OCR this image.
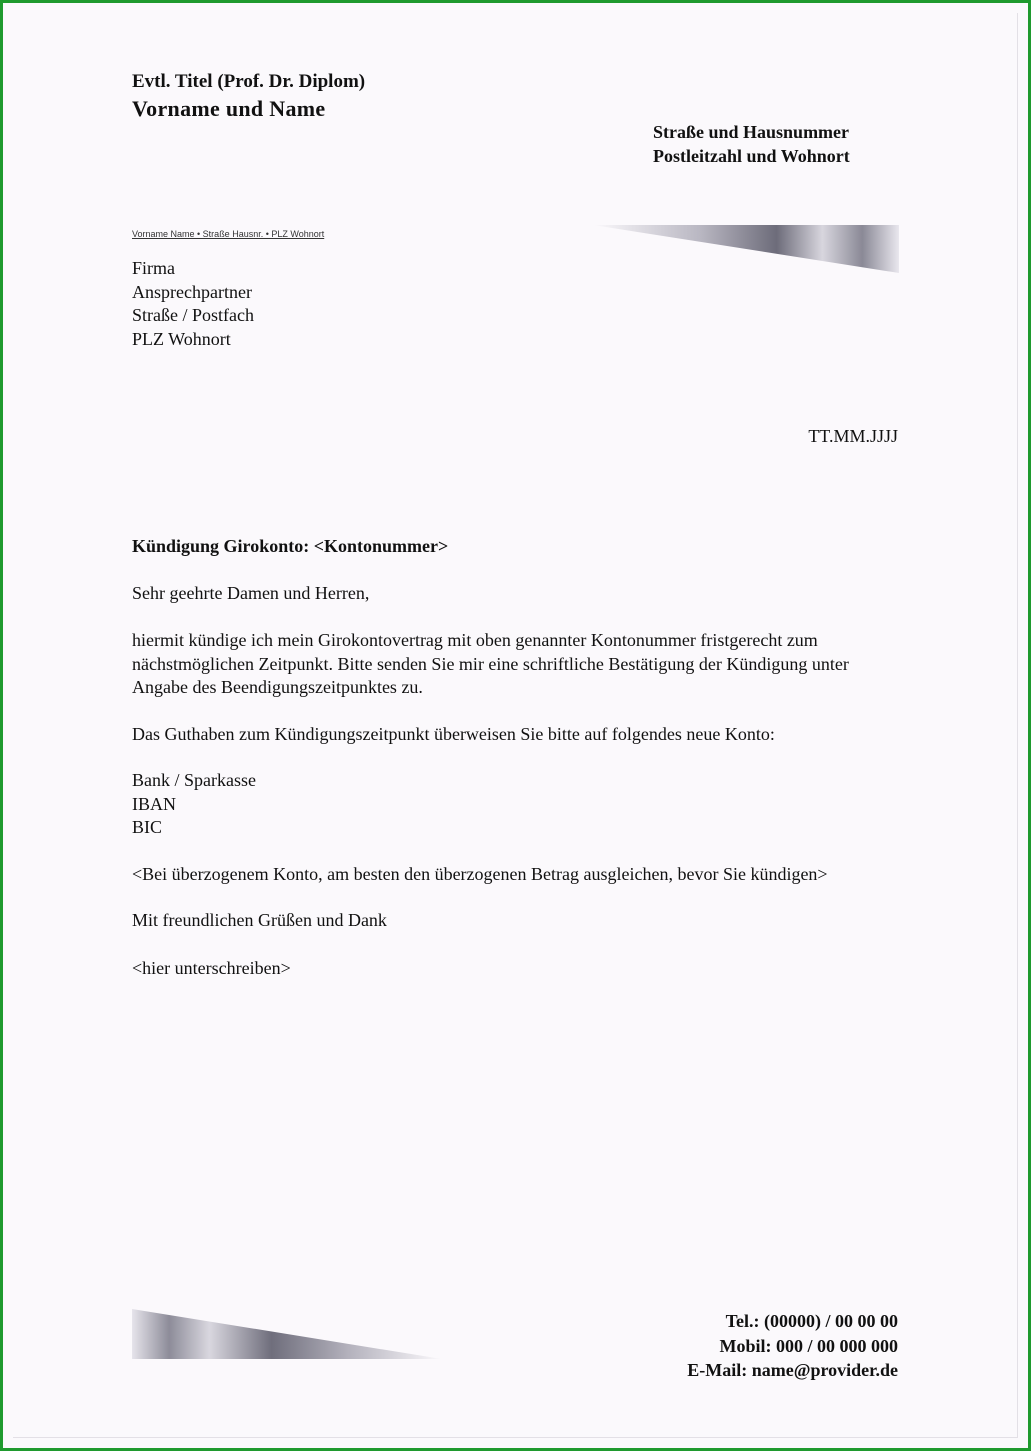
Evtl. Titel (Prof. Dr. Diplom)
Vorname und Name
Straße und Hausnummer
Postleitzahl und Wohnort
Vorname Name • Straße Hausnr. • PLZ Wohnort
Firma
Ansprechpartner
Straße / Postfach
PLZ Wohnort
TT.MM.JJJJ
Kündigung Girokonto: <Kontonummer>
Sehr geehrte Damen und Herren,
hiermit kündige ich mein Girokontovertrag mit oben genannter Kontonummer fristgerecht zum nächstmöglichen Zeitpunkt. Bitte senden Sie mir eine schriftliche Bestätigung der Kündigung unter Angabe des Beendigungszeitpunktes zu.
Das Guthaben zum Kündigungszeitpunkt überweisen Sie bitte auf folgendes neue Konto:
Bank / Sparkasse
IBAN
BIC
<Bei überzogenem Konto, am besten den überzogenen Betrag ausgleichen, bevor Sie kündigen>
Mit freundlichen Grüßen und Dank
<hier unterschreiben>
Tel.: (00000) / 00 00 00
Mobil: 000 / 00 000 000
E-Mail: name@provider.de
